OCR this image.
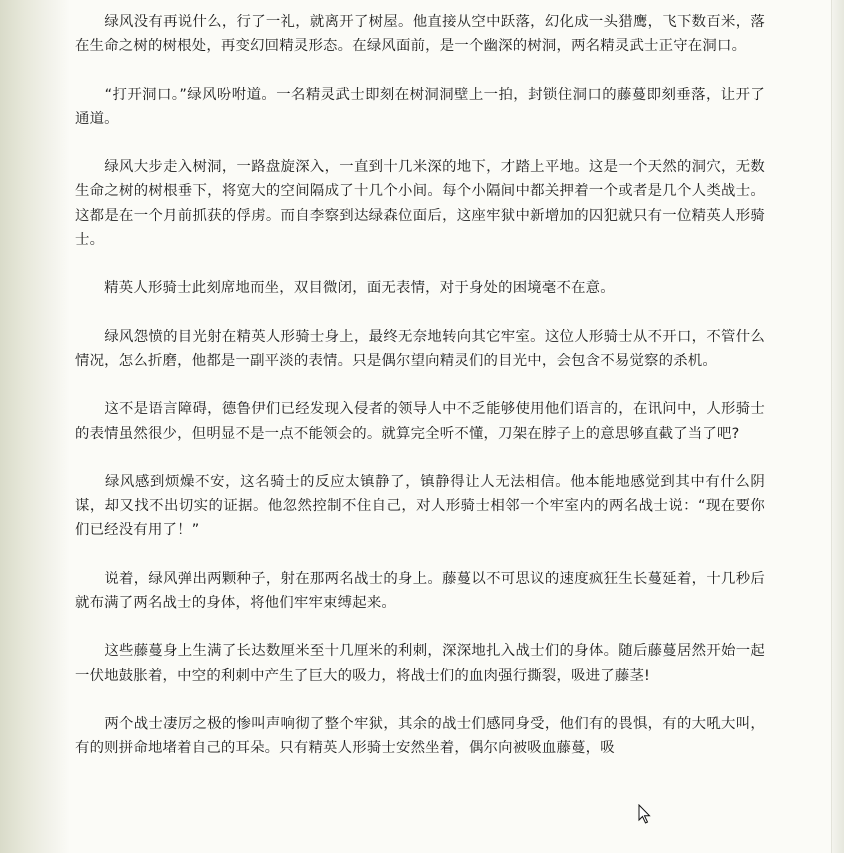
　　绿风没有再说什么，行了一礼，就离开了树屋。他直接从空中跃落，幻化成一头猎鹰，飞下数百米，落在生命之树的树根处，再变幻回精灵形态。在绿风面前，是一个幽深的树洞，两名精灵武士正守在洞口。

　　“打开洞口。”绿风吩咐道。一名精灵武士即刻在树洞洞壁上一拍，封锁住洞口的藤蔓即刻垂落，让开了通道。

　　绿风大步走入树洞，一路盘旋深入，一直到十几米深的地下，才踏上平地。这是一个天然的洞穴，无数生命之树的树根垂下，将宽大的空间隔成了十几个小间。每个小隔间中都关押着一个或者是几个人类战士。这都是在一个月前抓获的俘虏。而自李察到达绿森位面后，这座牢狱中新增加的囚犯就只有一位精英人形骑士。

　　精英人形骑士此刻席地而坐，双目微闭，面无表情，对于身处的困境毫不在意。

　　绿风怨愤的目光射在精英人形骑士身上，最终无奈地转向其它牢室。这位人形骑士从不开口，不管什么情况，怎么折磨，他都是一副平淡的表情。只是偶尔望向精灵们的目光中，会包含不易觉察的杀机。

　　这不是语言障碍，德鲁伊们已经发现入侵者的领导人中不乏能够使用他们语言的，在讯问中，人形骑士的表情虽然很少，但明显不是一点不能领会的。就算完全听不懂，刀架在脖子上的意思够直截了当了吧?

　　绿风感到烦燥不安，这名骑士的反应太镇静了，镇静得让人无法相信。他本能地感觉到其中有什么阴谋，却又找不出切实的证据。他忽然控制不住自己，对人形骑士相邻一个牢室内的两名战士说：“现在要你们已经没有用了！”

　　说着，绿风弹出两颗种子，射在那两名战士的身上。藤蔓以不可思议的速度疯狂生长蔓延着，十几秒后就布满了两名战士的身体，将他们牢牢束缚起来。

　　这些藤蔓身上生满了长达数厘米至十几厘米的利刺，深深地扎入战士们的身体。随后藤蔓居然开始一起一伏地鼓胀着，中空的利刺中产生了巨大的吸力，将战士们的血肉强行撕裂，吸进了藤茎!

　　两个战士凄厉之极的惨叫声响彻了整个牢狱，其余的战士们感同身受，他们有的畏惧，有的大吼大叫，有的则拼命地堵着自己的耳朵。只有精英人形骑士安然坐着，偶尔向被吸血藤蔓，吸
